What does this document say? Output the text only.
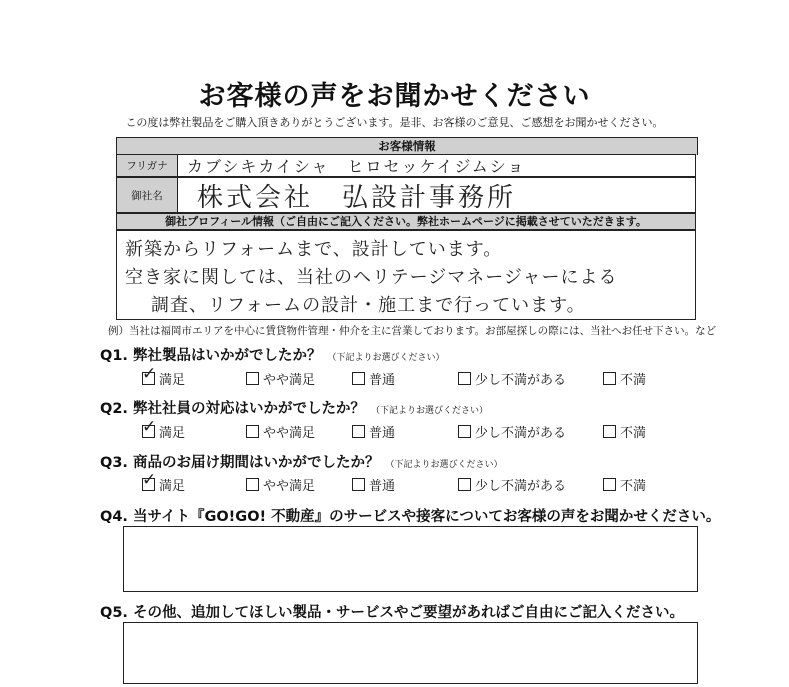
お客様の声をお聞かせください
この度は弊社製品をご購入頂きありがとうございます。是非、お客様のご意見、ご感想をお聞かせください。
お客様情報
フリガナ	カブシキカイシャ　ヒロセッケイジムショ
御社名	株式会社　弘設計事務所
御社プロフィール情報（ご自由にご記入ください。弊社ホームページに掲載させていただきます。
新築からリフォームまで、設計しています。
空き家に関しては、当社のヘリテージマネージャーによる
調査、リフォームの設計・施工まで行っています。
例）当社は福岡市エリアを中心に賃貸物件管理・仲介を主に営業しております。お部屋探しの際には、当社へお任せ下さい。など
Q1. 弊社製品はいかがでしたか？ （下記よりお選びください）
✓ 満足	やや満足	普通	少し不満がある	不満
Q2. 弊社社員の対応はいかがでしたか？ （下記よりお選びください）
✓ 満足	やや満足	普通	少し不満がある	不満
Q3. 商品のお届け期間はいかがでしたか？ （下記よりお選びください）
✓ 満足	やや満足	普通	少し不満がある	不満
Q4. 当サイト『GO!GO! 不動産』のサービスや接客についてお客様の声をお聞かせください。
Q5. その他、追加してほしい製品・サービスやご要望があればご自由にご記入ください。
